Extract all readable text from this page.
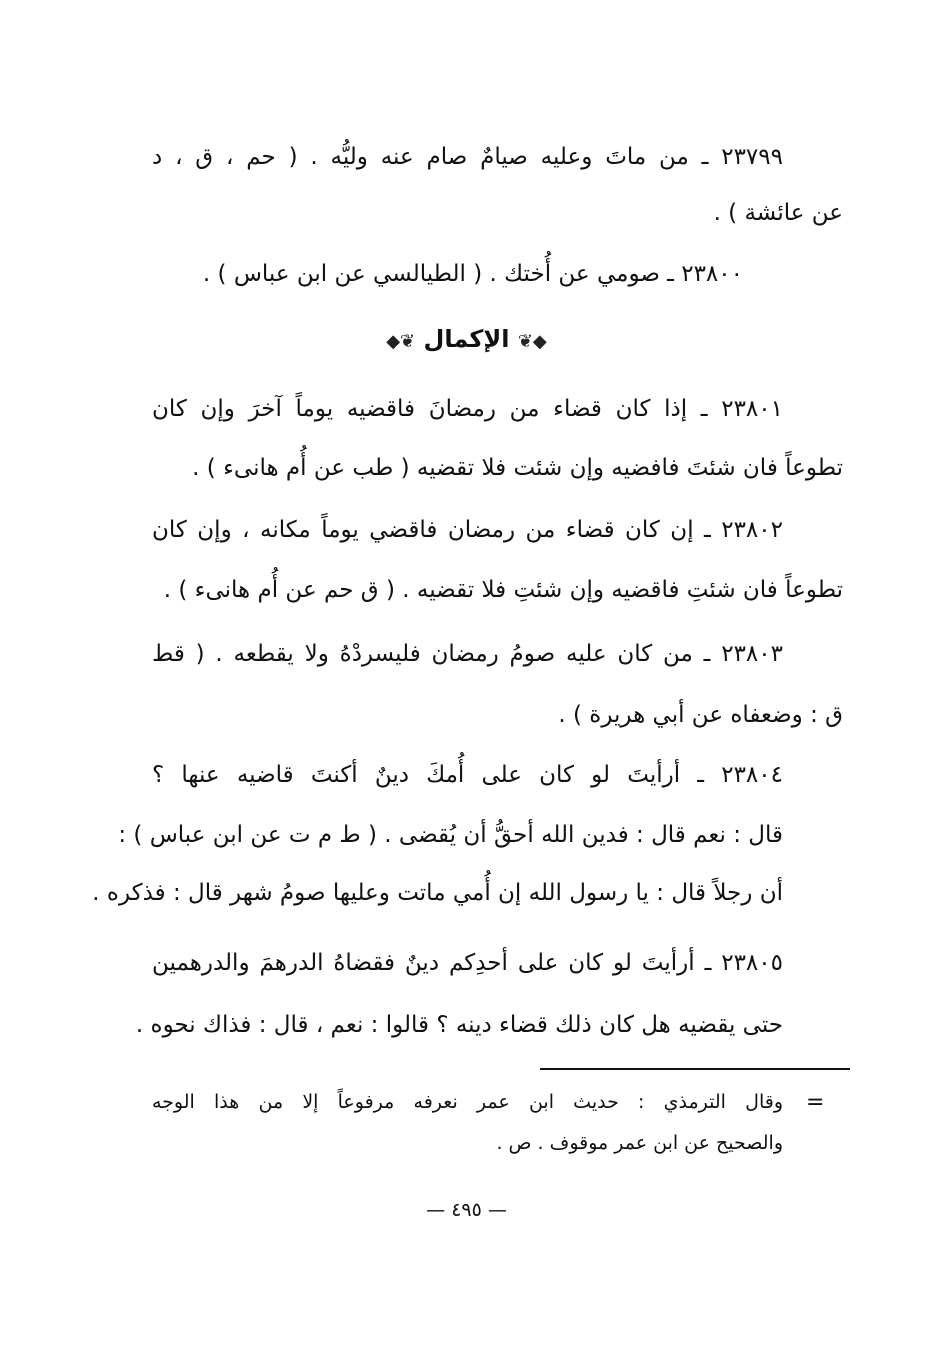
٢٣٧٩٩ ـ من ماتَ وعليه صيامٌ صام عنه وليُّه . ( حم ، ق ، د
عن عائشة ) .
٢٣٨٠٠ ـ صومي عن أُختك . ( الطيالسي عن ابن عباس ) .
◆❦ الإكمال ❦◆
٢٣٨٠١ ـ إذا كان قضاء من رمضانَ فاقضيه يوماً آخرَ وإن كان
تطوعاً فان شئتَ فافضيه وإن شئت فلا تقضيه ( طب عن أُم هانىء ) .
٢٣٨٠٢ ـ إن كان قضاء من رمضان فاقضي يوماً مكانه ، وإن كان
تطوعاً فان شئتِ فاقضيه وإن شئتِ فلا تقضيه . ( ق حم عن أُم هانىء ) .
٢٣٨٠٣ ـ من كان عليه صومُ رمضان فليسردْهُ ولا يقطعه . ( قط
ق : وضعفاه عن أبي هريرة ) .
٢٣٨٠٤ ـ أرأيتَ لو كان على أُمكَ دينٌ أكنتَ قاضيه عنها ؟
قال : نعم قال : فدين الله أحقُّ أن يُقضى . ( ط م ت عن ابن عباس ) :
أن رجلاً قال : يا رسول الله إن أُمي ماتت وعليها صومُ شهر قال : فذكره .
٢٣٨٠٥ ـ أرأيتَ لو كان على أحدِكم دينٌ فقضاهُ الدرهمَ والدرهمين
حتى يقضيه هل كان ذلك قضاء دينه ؟ قالوا : نعم ، قال : فذاك نحوه .
=
وقال الترمذي : حديث ابن عمر نعرفه مرفوعاً إلا من هذا الوجه
والصحيح عن ابن عمر موقوف . ص .
— ٤٩٥ —
